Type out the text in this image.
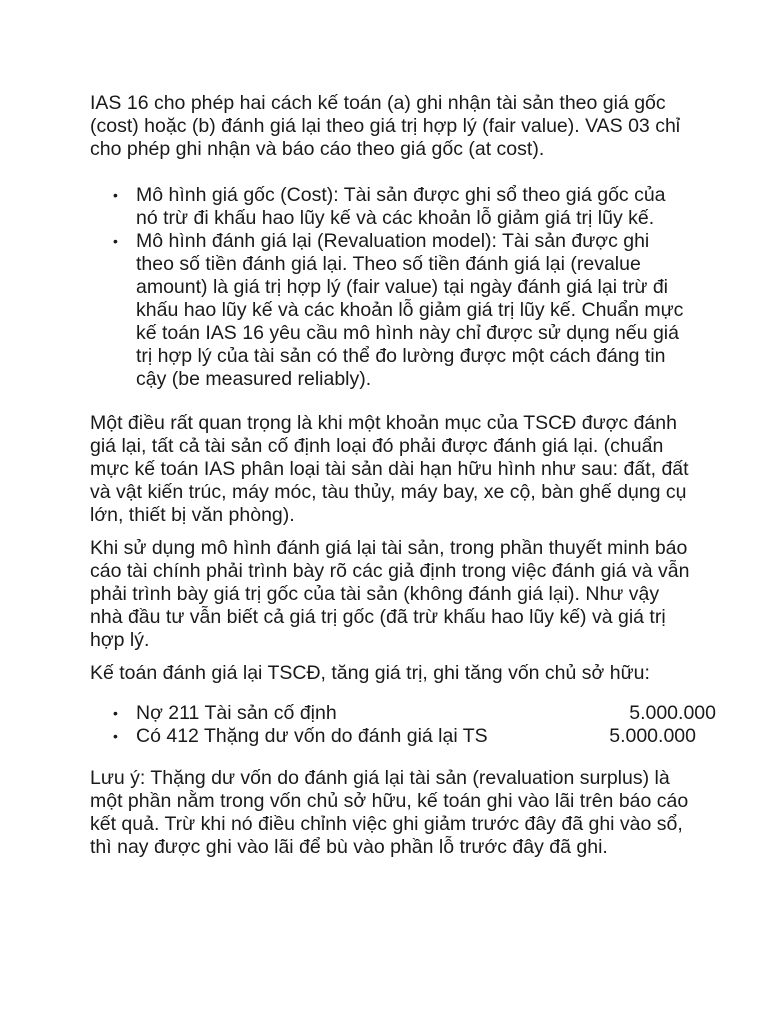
IAS 16 cho phép hai cách kế toán (a) ghi nhận tài sản theo giá gốc (cost) hoặc (b) đánh giá lại theo giá trị hợp lý (fair value). VAS 03 chỉ cho phép ghi nhận và báo cáo theo giá gốc (at cost).

• Mô hình giá gốc (Cost): Tài sản được ghi sổ theo giá gốc của nó trừ đi khấu hao lũy kế và các khoản lỗ giảm giá trị lũy kế.
• Mô hình đánh giá lại (Revaluation model): Tài sản được ghi theo số tiền đánh giá lại. Theo số tiền đánh giá lại (revalue amount) là giá trị hợp lý (fair value) tại ngày đánh giá lại trừ đi khấu hao lũy kế và các khoản lỗ giảm giá trị lũy kế. Chuẩn mực kế toán IAS 16 yêu cầu mô hình này chỉ được sử dụng nếu giá trị hợp lý của tài sản có thể đo lường được một cách đáng tin cậy (be measured reliably).

Một điều rất quan trọng là khi một khoản mục của TSCĐ được đánh giá lại, tất cả tài sản cố định loại đó phải được đánh giá lại. (chuẩn mực kế toán IAS phân loại tài sản dài hạn hữu hình như sau: đất, đất và vật kiến trúc, máy móc, tàu thủy, máy bay, xe cộ, bàn ghế dụng cụ lớn, thiết bị văn phòng).

Khi sử dụng mô hình đánh giá lại tài sản, trong phần thuyết minh báo cáo tài chính phải trình bày rõ các giả định trong việc đánh giá và vẫn phải trình bày giá trị gốc của tài sản (không đánh giá lại). Như vậy nhà đầu tư vẫn biết cả giá trị gốc (đã trừ khấu hao lũy kế) và giá trị hợp lý.

Kế toán đánh giá lại TSCĐ, tăng giá trị, ghi tăng vốn chủ sở hữu:

• Nợ 211 Tài sản cố định	5.000.000
• Có 412 Thặng dư vốn do đánh giá lại TS	5.000.000

Lưu ý: Thặng dư vốn do đánh giá lại tài sản (revaluation surplus) là một phần nằm trong vốn chủ sở hữu, kế toán ghi vào lãi trên báo cáo kết quả. Trừ khi nó điều chỉnh việc ghi giảm trước đây đã ghi vào sổ, thì nay được ghi vào lãi để bù vào phần lỗ trước đây đã ghi.
